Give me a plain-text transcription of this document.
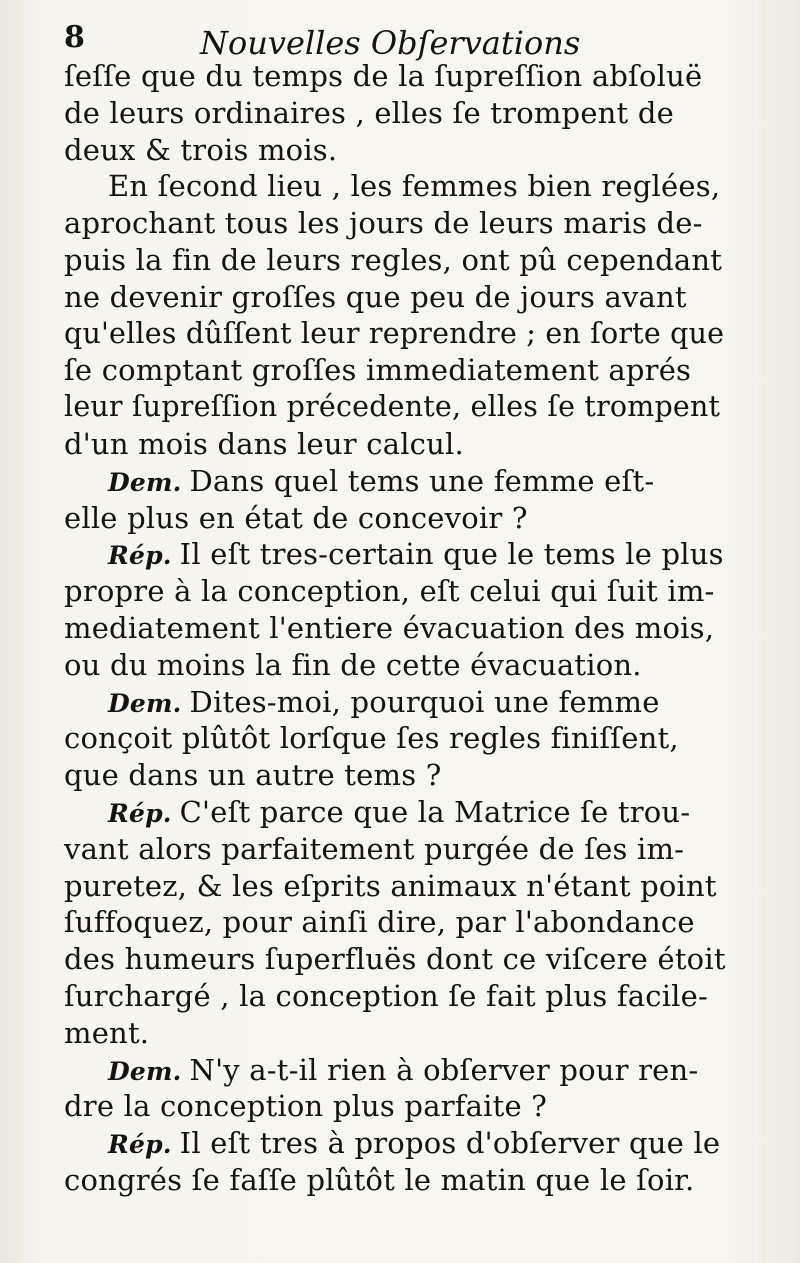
8	Nouvelles Obſervations
ſeſſe que du temps de la ſupreſſion abſoluë
de leurs ordinaires , elles ſe trompent de
deux & trois mois.
En ſecond lieu , les femmes bien reglées,
aprochant tous les jours de leurs maris de-
puis la fin de leurs regles, ont pû cependant
ne devenir groſſes que peu de jours avant
qu'elles dûſſent leur reprendre ; en ſorte que
ſe comptant groſſes immediatement aprés
leur ſupreſſion précedente, elles ſe trompent
d'un mois dans leur calcul.
Dem. Dans quel tems une femme eſt-
elle plus en état de concevoir ?
Rép. Il eſt tres-certain que le tems le plus
propre à la conception, eſt celui qui ſuit im-
mediatement l'entiere évacuation des mois,
ou du moins la fin de cette évacuation.
Dem. Dites-moi, pourquoi une femme
conçoit plûtôt lorſque ſes regles finiſſent,
que dans un autre tems ?
Rép. C'eſt parce que la Matrice ſe trou-
vant alors parfaitement purgée de ſes im-
puretez, & les eſprits animaux n'étant point
ſuffoquez, pour ainſi dire, par l'abondance
des humeurs ſuperfluës dont ce viſcere étoit
ſurchargé , la conception ſe fait plus facile-
ment.
Dem. N'y a-t-il rien à obſerver pour ren-
dre la conception plus parfaite ?
Rép. Il eſt tres à propos d'obſerver que le
congrés ſe faſſe plûtôt le matin que le ſoir.
